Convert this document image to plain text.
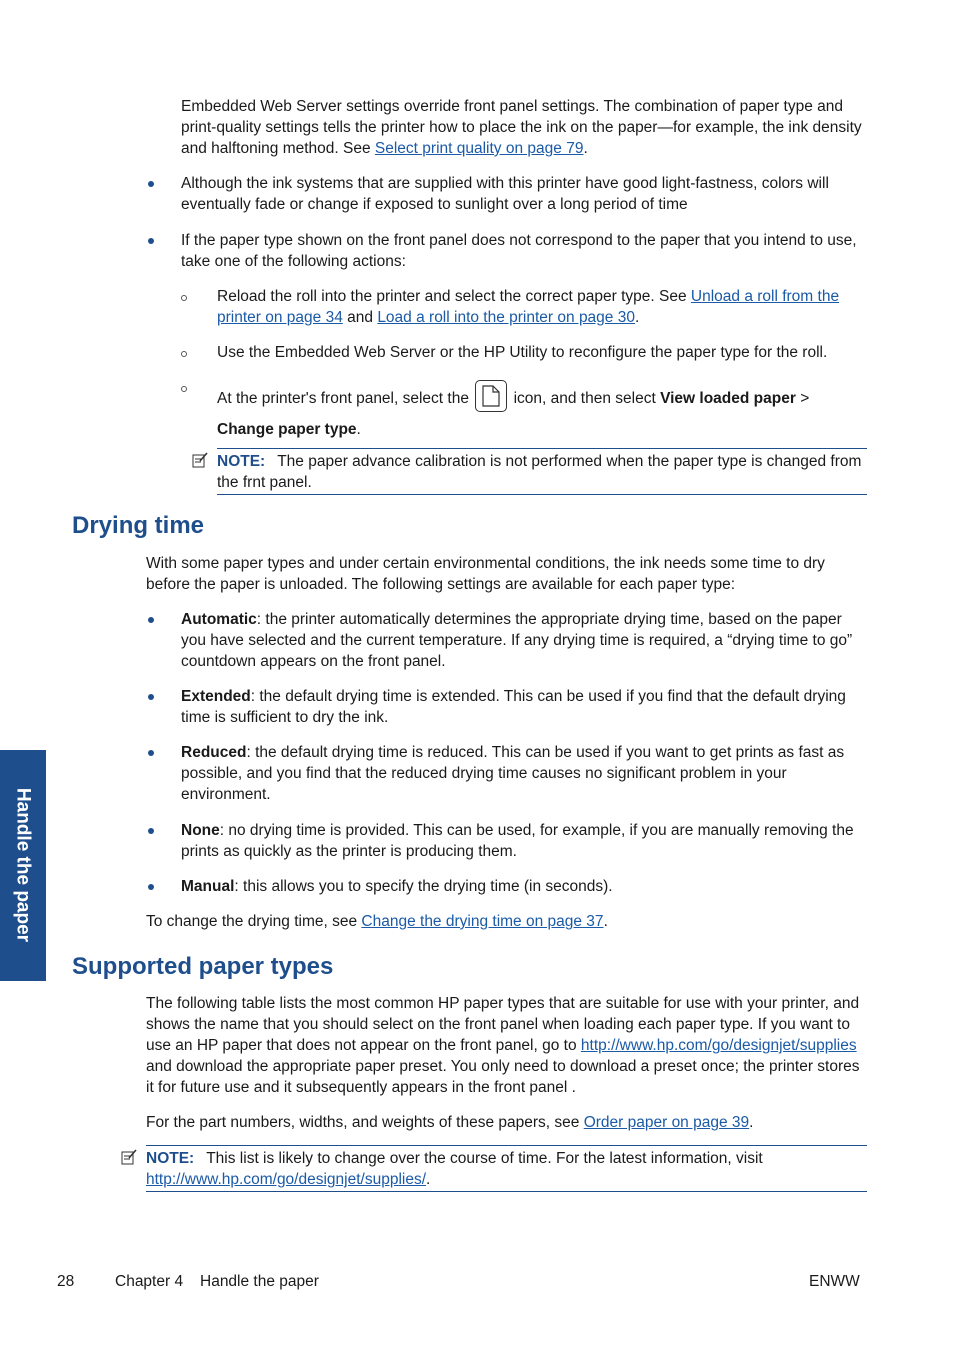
Embedded Web Server settings override front panel settings. The combination of paper type and print-quality settings tells the printer how to place the ink on the paper—for example, the ink density and halftoning method. See Select print quality on page 79.

Although the ink systems that are supplied with this printer have good light-fastness, colors will eventually fade or change if exposed to sunlight over a long period of time

If the paper type shown on the front panel does not correspond to the paper that you intend to use, take one of the following actions:

Reload the roll into the printer and select the correct paper type. See Unload a roll from the printer on page 34 and Load a roll into the printer on page 30.

Use the Embedded Web Server or the HP Utility to reconfigure the paper type for the roll.

At the printer's front panel, select the
icon, and then select View loaded paper >
Change paper type.

NOTE: The paper advance calibration is not performed when the paper type is changed from the frnt panel.
Drying time

With some paper types and under certain environmental conditions, the ink needs some time to dry before the paper is unloaded. The following settings are available for each paper type:

Automatic: the printer automatically determines the appropriate drying time, based on the paper you have selected and the current temperature. If any drying time is required, a “drying time to go” countdown appears on the front panel.

Extended: the default drying time is extended. This can be used if you find that the default drying time is sufficient to dry the ink.

Reduced: the default drying time is reduced. This can be used if you want to get prints as fast as possible, and you find that the reduced drying time causes no significant problem in your environment.

None: no drying time is provided. This can be used, for example, if you are manually removing the prints as quickly as the printer is producing them.

Manual: this allows you to specify the drying time (in seconds).

To change the drying time, see Change the drying time on page 37.

Supported paper types

The following table lists the most common HP paper types that are suitable for use with your printer, and shows the name that you should select on the front panel when loading each paper type. If you want to use an HP paper that does not appear on the front panel, go to http://www.hp.com/go/designjet/supplies and download the appropriate paper preset. You only need to download a preset once; the printer stores it for future use and it subsequently appears in the front panel .

For the part numbers, widths, and weights of these papers, see Order paper on page 39.

NOTE: This list is likely to change over the course of time. For the latest information, visit http://www.hp.com/go/designjet/supplies/.
Handle the paper
28	Chapter 4 Handle the paper	ENWW
